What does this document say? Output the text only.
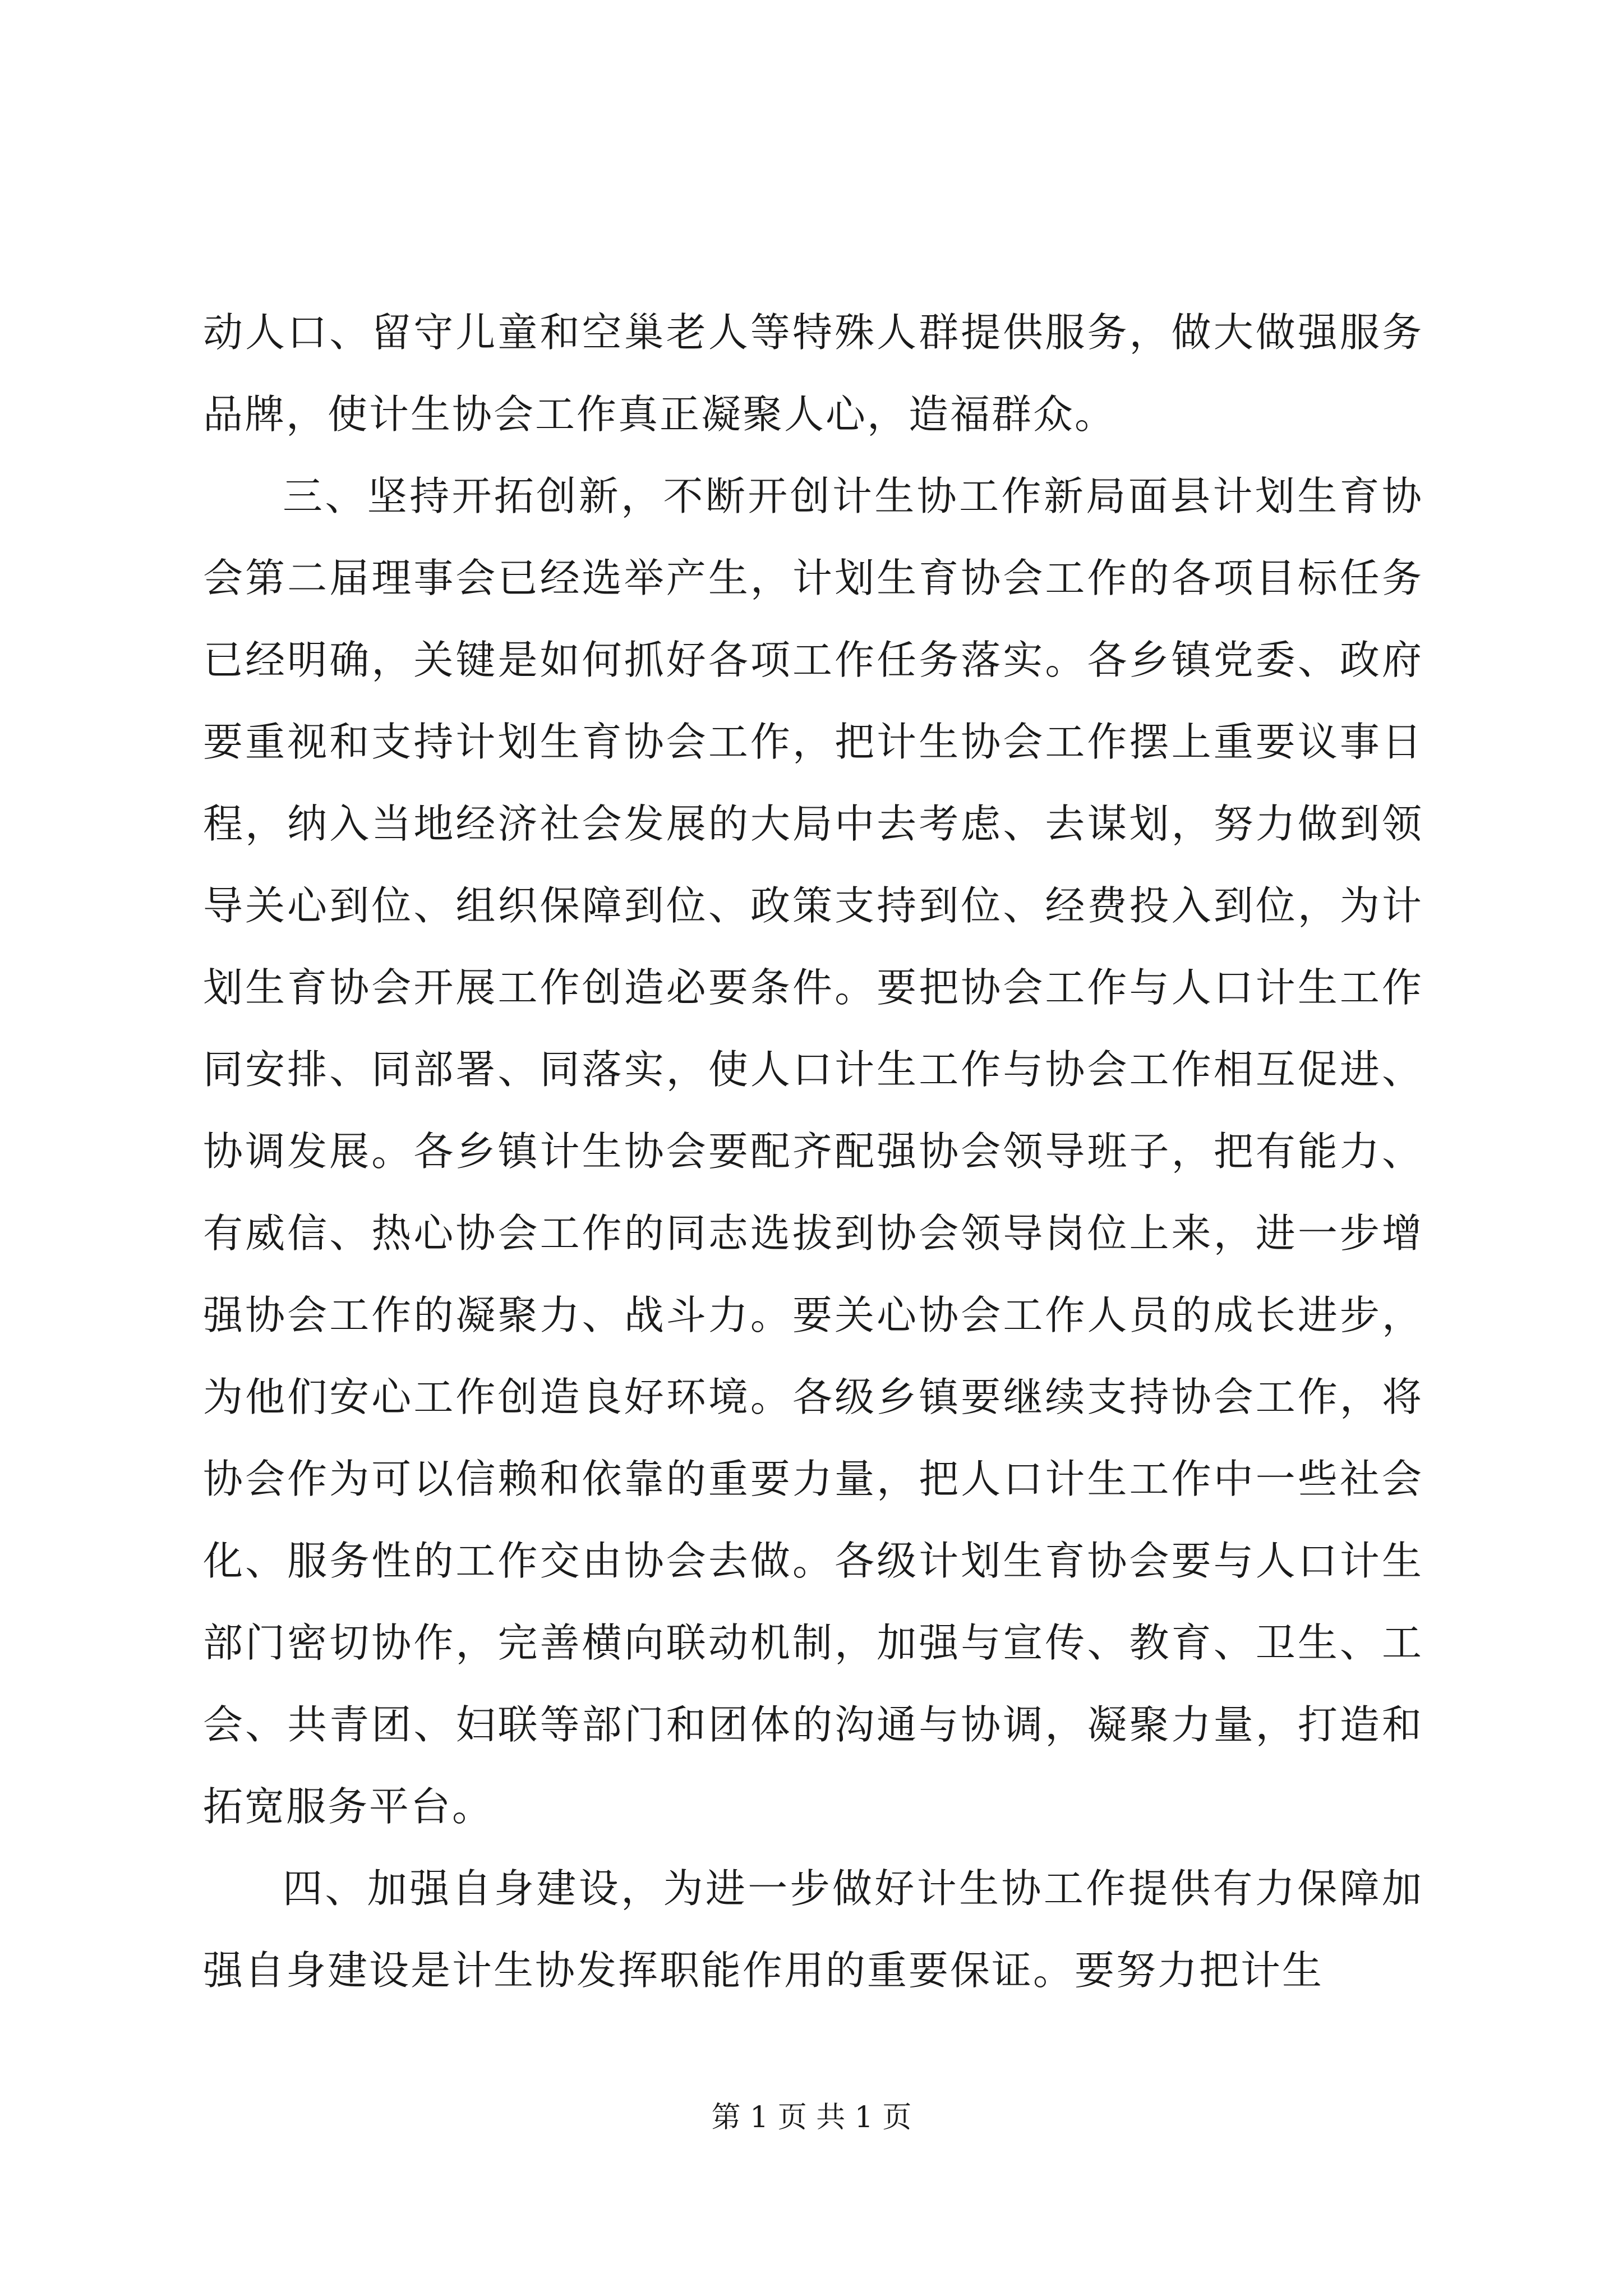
动人口、留守儿童和空巢老人等特殊人群提供服务，做大做强服务品牌，使计生协会工作真正凝聚人心，造福群众。

三、坚持开拓创新，不断开创计生协工作新局面县计划生育协会第二届理事会已经选举产生，计划生育协会工作的各项目标任务已经明确，关键是如何抓好各项工作任务落实。各乡镇党委、政府要重视和支持计划生育协会工作，把计生协会工作摆上重要议事日程，纳入当地经济社会发展的大局中去考虑、去谋划，努力做到领导关心到位、组织保障到位、政策支持到位、经费投入到位，为计划生育协会开展工作创造必要条件。要把协会工作与人口计生工作同安排、同部署、同落实，使人口计生工作与协会工作相互促进、协调发展。各乡镇计生协会要配齐配强协会领导班子，把有能力、有威信、热心协会工作的同志选拔到协会领导岗位上来，进一步增强协会工作的凝聚力、战斗力。要关心协会工作人员的成长进步，为他们安心工作创造良好环境。各级乡镇要继续支持协会工作，将协会作为可以信赖和依靠的重要力量，把人口计生工作中一些社会化、服务性的工作交由协会去做。各级计划生育协会要与人口计生部门密切协作，完善横向联动机制，加强与宣传、教育、卫生、工会、共青团、妇联等部门和团体的沟通与协调，凝聚力量，打造和拓宽服务平台。

四、加强自身建设，为进一步做好计生协工作提供有力保障加强自身建设是计生协发挥职能作用的重要保证。要努力把计生

第 1 页 共 1 页
